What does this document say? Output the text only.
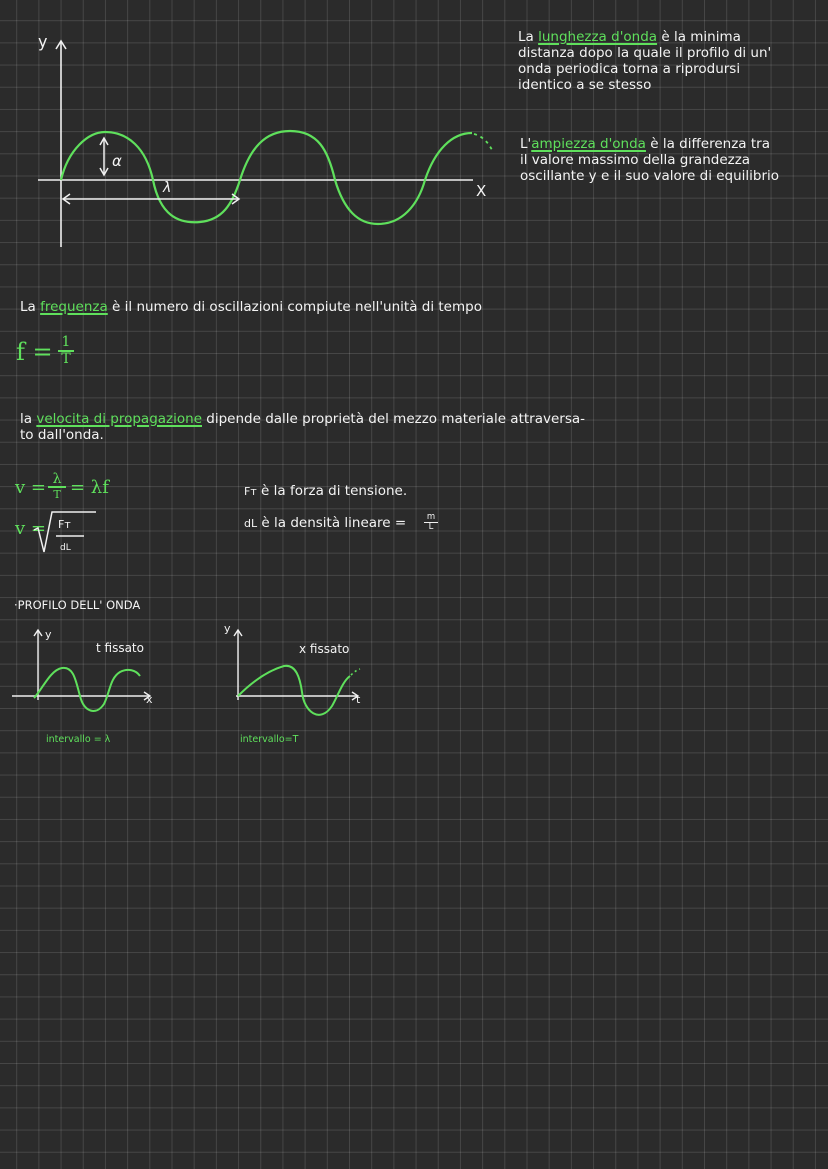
y
X
α
λ
La lunghezza d'onda è la minima
distanza dopo la quale il profilo di un'
onda periodica torna a riprodursi
identico a se stesso
L'ampiezza d'onda è la differenza tra
il valore massimo della grandezza
oscillante y e il suo valore di equilibrio
La frequenza è il numero di oscillazioni compiute nell'unità di tempo
f = 1
T
la velocita di propagazione dipende dalle proprietà del mezzo materiale attraversa-
to dall'onda.
v = λ
T = λf
v = Fт
dL
Fт è la forza di tensione.
dL è la densità lineare =	m
L
·PROFILO DELL' ONDA
y
x
t fissato
intervallo = λ
y
t
x fissato
intervallo=T
